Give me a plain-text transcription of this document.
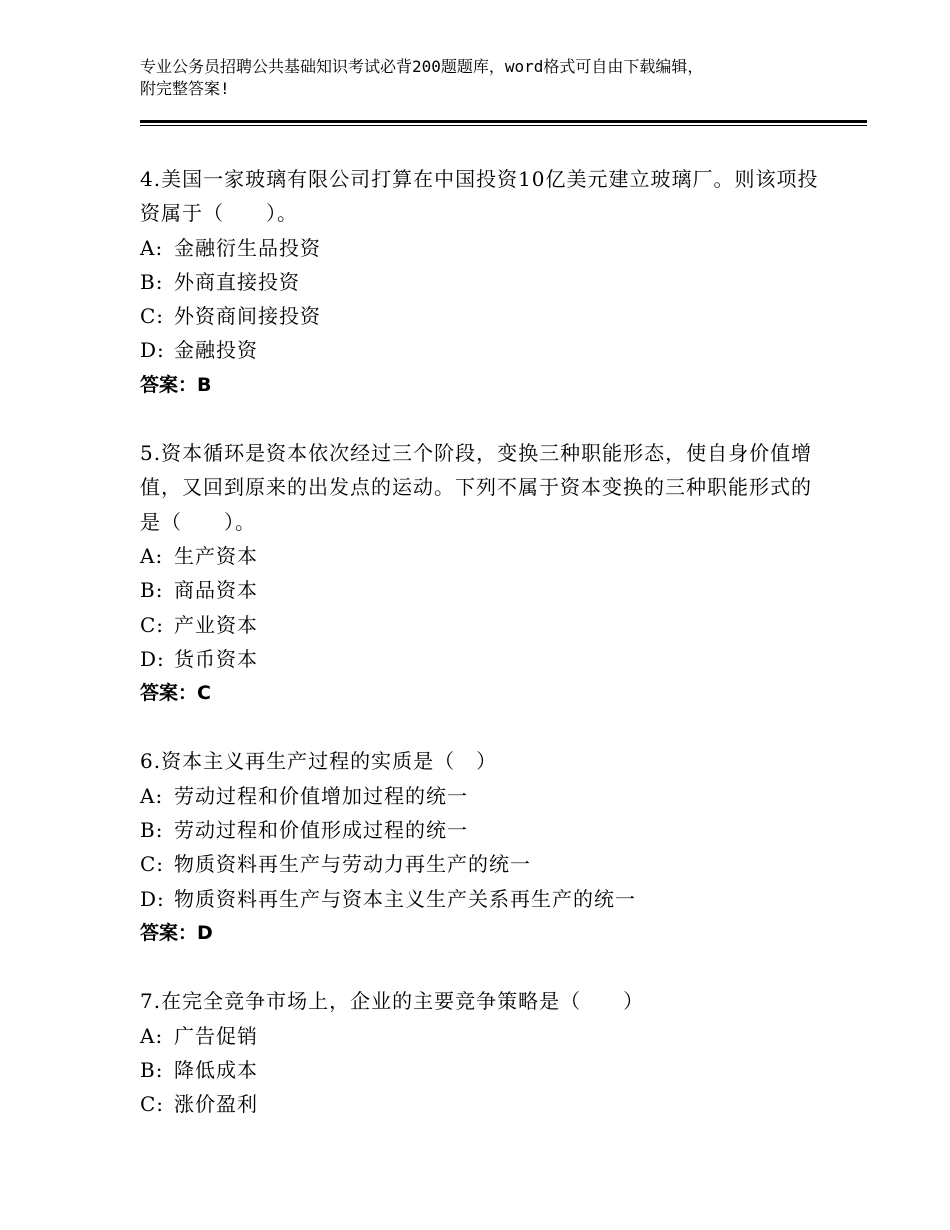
专业公务员招聘公共基础知识考试必背200题题库，word格式可自由下载编辑，
附完整答案!
4.美国一家玻璃有限公司打算在中国投资10亿美元建立玻璃厂。则该项投资属于（　　）。
A: 金融衍生品投资
B: 外商直接投资
C: 外资商间接投资
D: 金融投资
答案：B
5.资本循环是资本依次经过三个阶段，变换三种职能形态，使自身价值增值，又回到原来的出发点的运动。下列不属于资本变换的三种职能形式的是（　　）。
A: 生产资本
B: 商品资本
C: 产业资本
D: 货币资本
答案：C
6.资本主义再生产过程的实质是（　）
A: 劳动过程和价值增加过程的统一
B: 劳动过程和价值形成过程的统一
C: 物质资料再生产与劳动力再生产的统一
D: 物质资料再生产与资本主义生产关系再生产的统一
答案：D
7.在完全竞争市场上，企业的主要竞争策略是（　　）
A: 广告促销
B: 降低成本
C: 涨价盈利
